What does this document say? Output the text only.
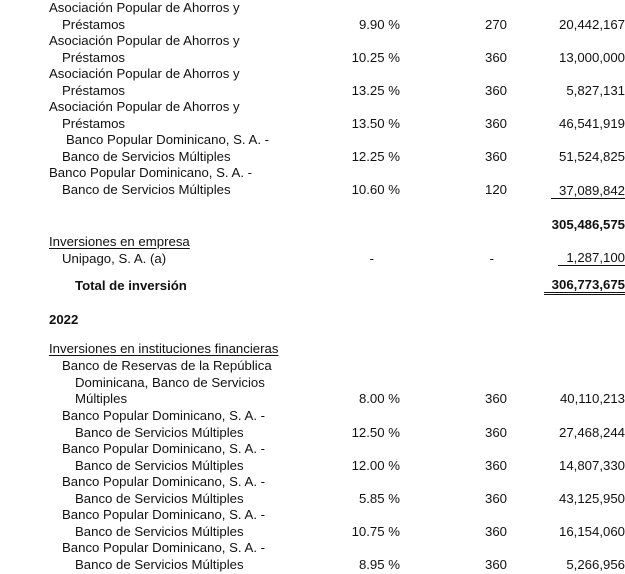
Asociación Popular de Ahorros y
Préstamos	9.90 %	270	20,442,167
Asociación Popular de Ahorros y
Préstamos	10.25 %	360	13,000,000
Asociación Popular de Ahorros y
Préstamos	13.25 %	360	5,827,131
Asociación Popular de Ahorros y
Préstamos	13.50 %	360	46,541,919
Banco Popular Dominicano, S. A. -
Banco de Servicios Múltiples	12.25 %	360	51,524,825
Banco Popular Dominicano, S. A. -
Banco de Servicios Múltiples	10.60 %	120	37,089,842
305,486,575
Inversiones en empresa
Unipago, S. A. (a)	-	-	1,287,100
Total de inversión	306,773,675
2022
Inversiones en instituciones financieras
Banco de Reservas de la República
Dominicana, Banco de Servicios
Múltiples	8.00 %	360	40,110,213
Banco Popular Dominicano, S. A. -
Banco de Servicios Múltiples	12.50 %	360	27,468,244
Banco Popular Dominicano, S. A. -
Banco de Servicios Múltiples	12.00 %	360	14,807,330
Banco Popular Dominicano, S. A. -
Banco de Servicios Múltiples	5.85 %	360	43,125,950
Banco Popular Dominicano, S. A. -
Banco de Servicios Múltiples	10.75 %	360	16,154,060
Banco Popular Dominicano, S. A. -
Banco de Servicios Múltiples	8.95 %	360	5,266,956
